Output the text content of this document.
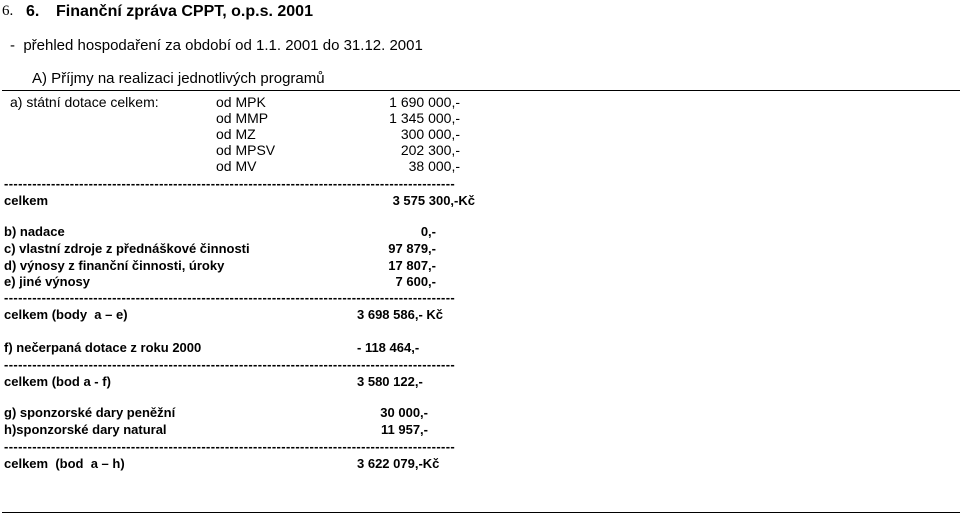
6. 6. Finanční zpráva CPPT, o.p.s. 2001
-  přehled hospodaření za období od 1.1. 2001 do 31.12. 2001
A) Příjmy na realizaci jednotlivých programů
a) státní dotace celkem:	od MPK	1 690 000,-
od MMP	1 345 000,-
od MZ	300 000,-
od MPSV	202 300,-
od MV	38 000,-
------------------------------------------------------------------------------------------------
celkem	3 575 300,-Kč
b) nadace	0,-
c) vlastní zdroje z přednáškové činnosti	97 879,-
d) výnosy z finanční činnosti, úroky	17 807,-
e) jiné výnosy	7 600,-
------------------------------------------------------------------------------------------------
celkem (body  a – e)	3 698 586,- Kč
f) nečerpaná dotace z roku 2000	- 118 464,-
------------------------------------------------------------------------------------------------
celkem (bod a - f)	3 580 122,-
g) sponzorské dary peněžní	30 000,-
h)sponzorské dary natural	11 957,-
------------------------------------------------------------------------------------------------
celkem  (bod  a – h)	3 622 079,-Kč
